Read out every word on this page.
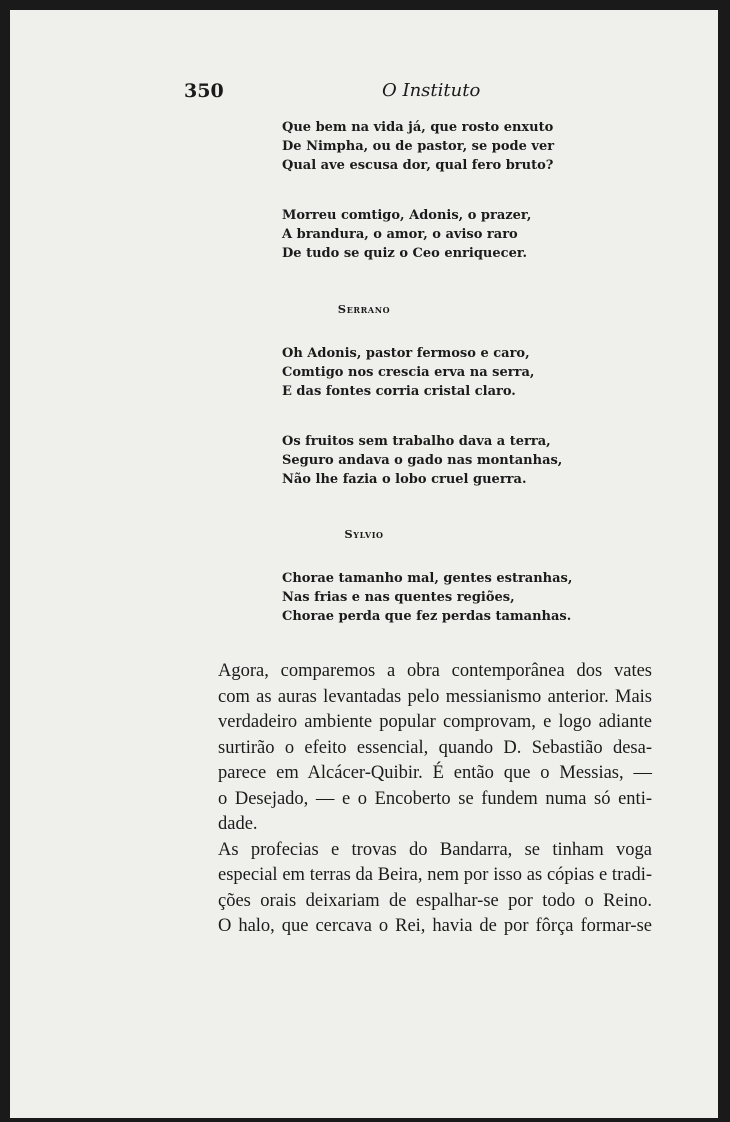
350	O Instituto
Que bem na vida já, que rosto enxuto
De Nimpha, ou de pastor, se pode ver
Qual ave escusa dor, qual fero bruto?
Morreu comtigo, Adonis, o prazer,
A brandura, o amor, o aviso raro
De tudo se quiz o Ceo enriquecer.
Serrano
Oh Adonis, pastor fermoso e caro,
Comtigo nos crescia erva na serra,
E das fontes corria cristal claro.
Os fruitos sem trabalho dava a terra,
Seguro andava o gado nas montanhas,
Não lhe fazia o lobo cruel guerra.
Sylvio
Chorae tamanho mal, gentes estranhas,
Nas frias e nas quentes regiões,
Chorae perda que fez perdas tamanhas.

Agora, comparemos a obra contemporânea dos vates
com as auras levantadas pelo messianismo anterior. Mais
verdadeiro ambiente popular comprovam, e logo adiante
surtirão o efeito essencial, quando D. Sebastião desa-
parece em Alcácer-Quibir. É então que o Messias, —
o Desejado, — e o Encoberto se fundem numa só enti-
dade.

As profecias e trovas do Bandarra, se tinham voga
especial em terras da Beira, nem por isso as cópias e tradi-
ções orais deixariam de espalhar-se por todo o Reino.
O halo, que cercava o Rei, havia de por fôrça formar-se
